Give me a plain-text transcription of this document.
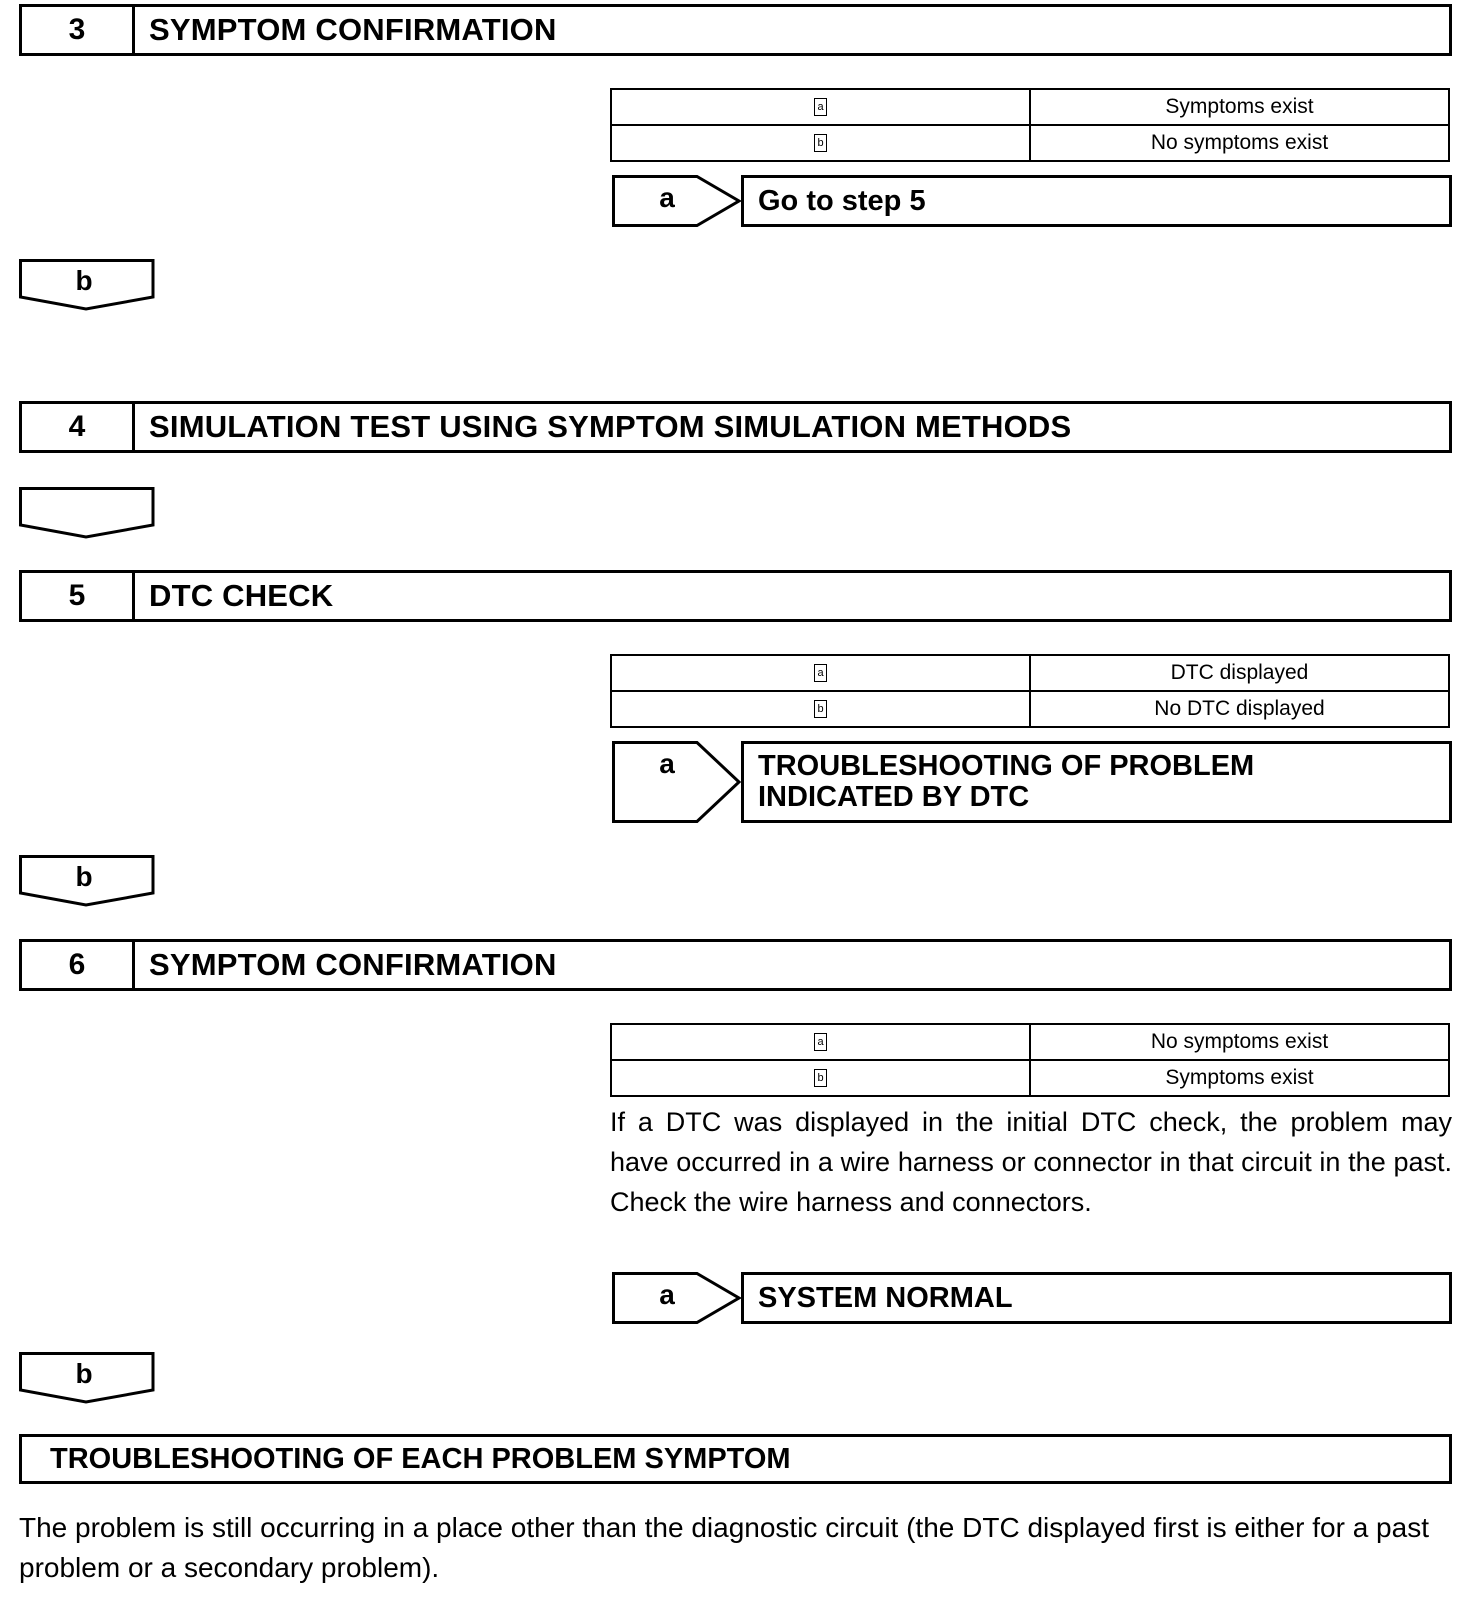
3	SYMPTOM CONFIRMATION
a	Symptoms exist
b	No symptoms exist
a	Go to step 5
b
4	SIMULATION TEST USING SYMPTOM SIMULATION METHODS
5	DTC CHECK
a	DTC displayed
b	No DTC displayed
a	TROUBLESHOOTING OF PROBLEM
INDICATED BY DTC
b
6	SYMPTOM CONFIRMATION
a	No symptoms exist
b	Symptoms exist
If a DTC was displayed in the initial DTC check, the problem may have occurred in a wire harness or connector in that circuit in the past. Check the wire harness and connectors.
a	SYSTEM NORMAL
b
TROUBLESHOOTING OF EACH PROBLEM SYMPTOM
The problem is still occurring in a place other than the diagnostic circuit (the DTC displayed first is either for a past problem or a secondary problem).
